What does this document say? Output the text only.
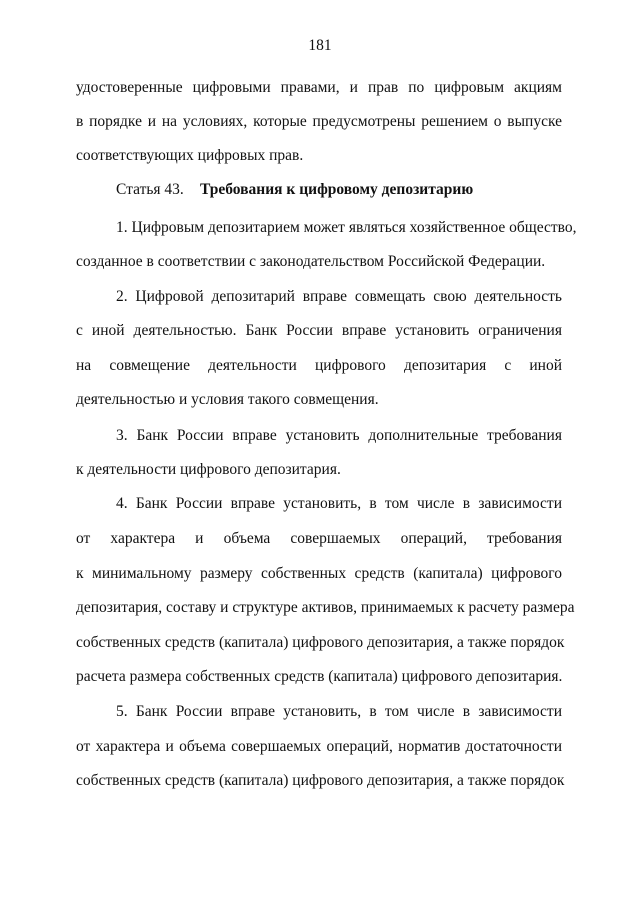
181
удостоверенные цифровыми правами, и прав по цифровым акциям
в порядке и на условиях, которые предусмотрены решением о выпуске
соответствующих цифровых прав.
Статья 43. Требования к цифровому депозитарию
1. Цифровым депозитарием может являться хозяйственное общество,
созданное в соответствии с законодательством Российской Федерации.
2. Цифровой депозитарий вправе совмещать свою деятельность
с иной деятельностью. Банк России вправе установить ограничения
на совмещение деятельности цифрового депозитария с иной
деятельностью и условия такого совмещения.
3. Банк России вправе установить дополнительные требования
к деятельности цифрового депозитария.
4. Банк России вправе установить, в том числе в зависимости
от характера и объема совершаемых операций, требования
к минимальному размеру собственных средств (капитала) цифрового
депозитария, составу и структуре активов, принимаемых к расчету размера
собственных средств (капитала) цифрового депозитария, а также порядок
расчета размера собственных средств (капитала) цифрового депозитария.
5. Банк России вправе установить, в том числе в зависимости
от характера и объема совершаемых операций, норматив достаточности
собственных средств (капитала) цифрового депозитария, а также порядок
